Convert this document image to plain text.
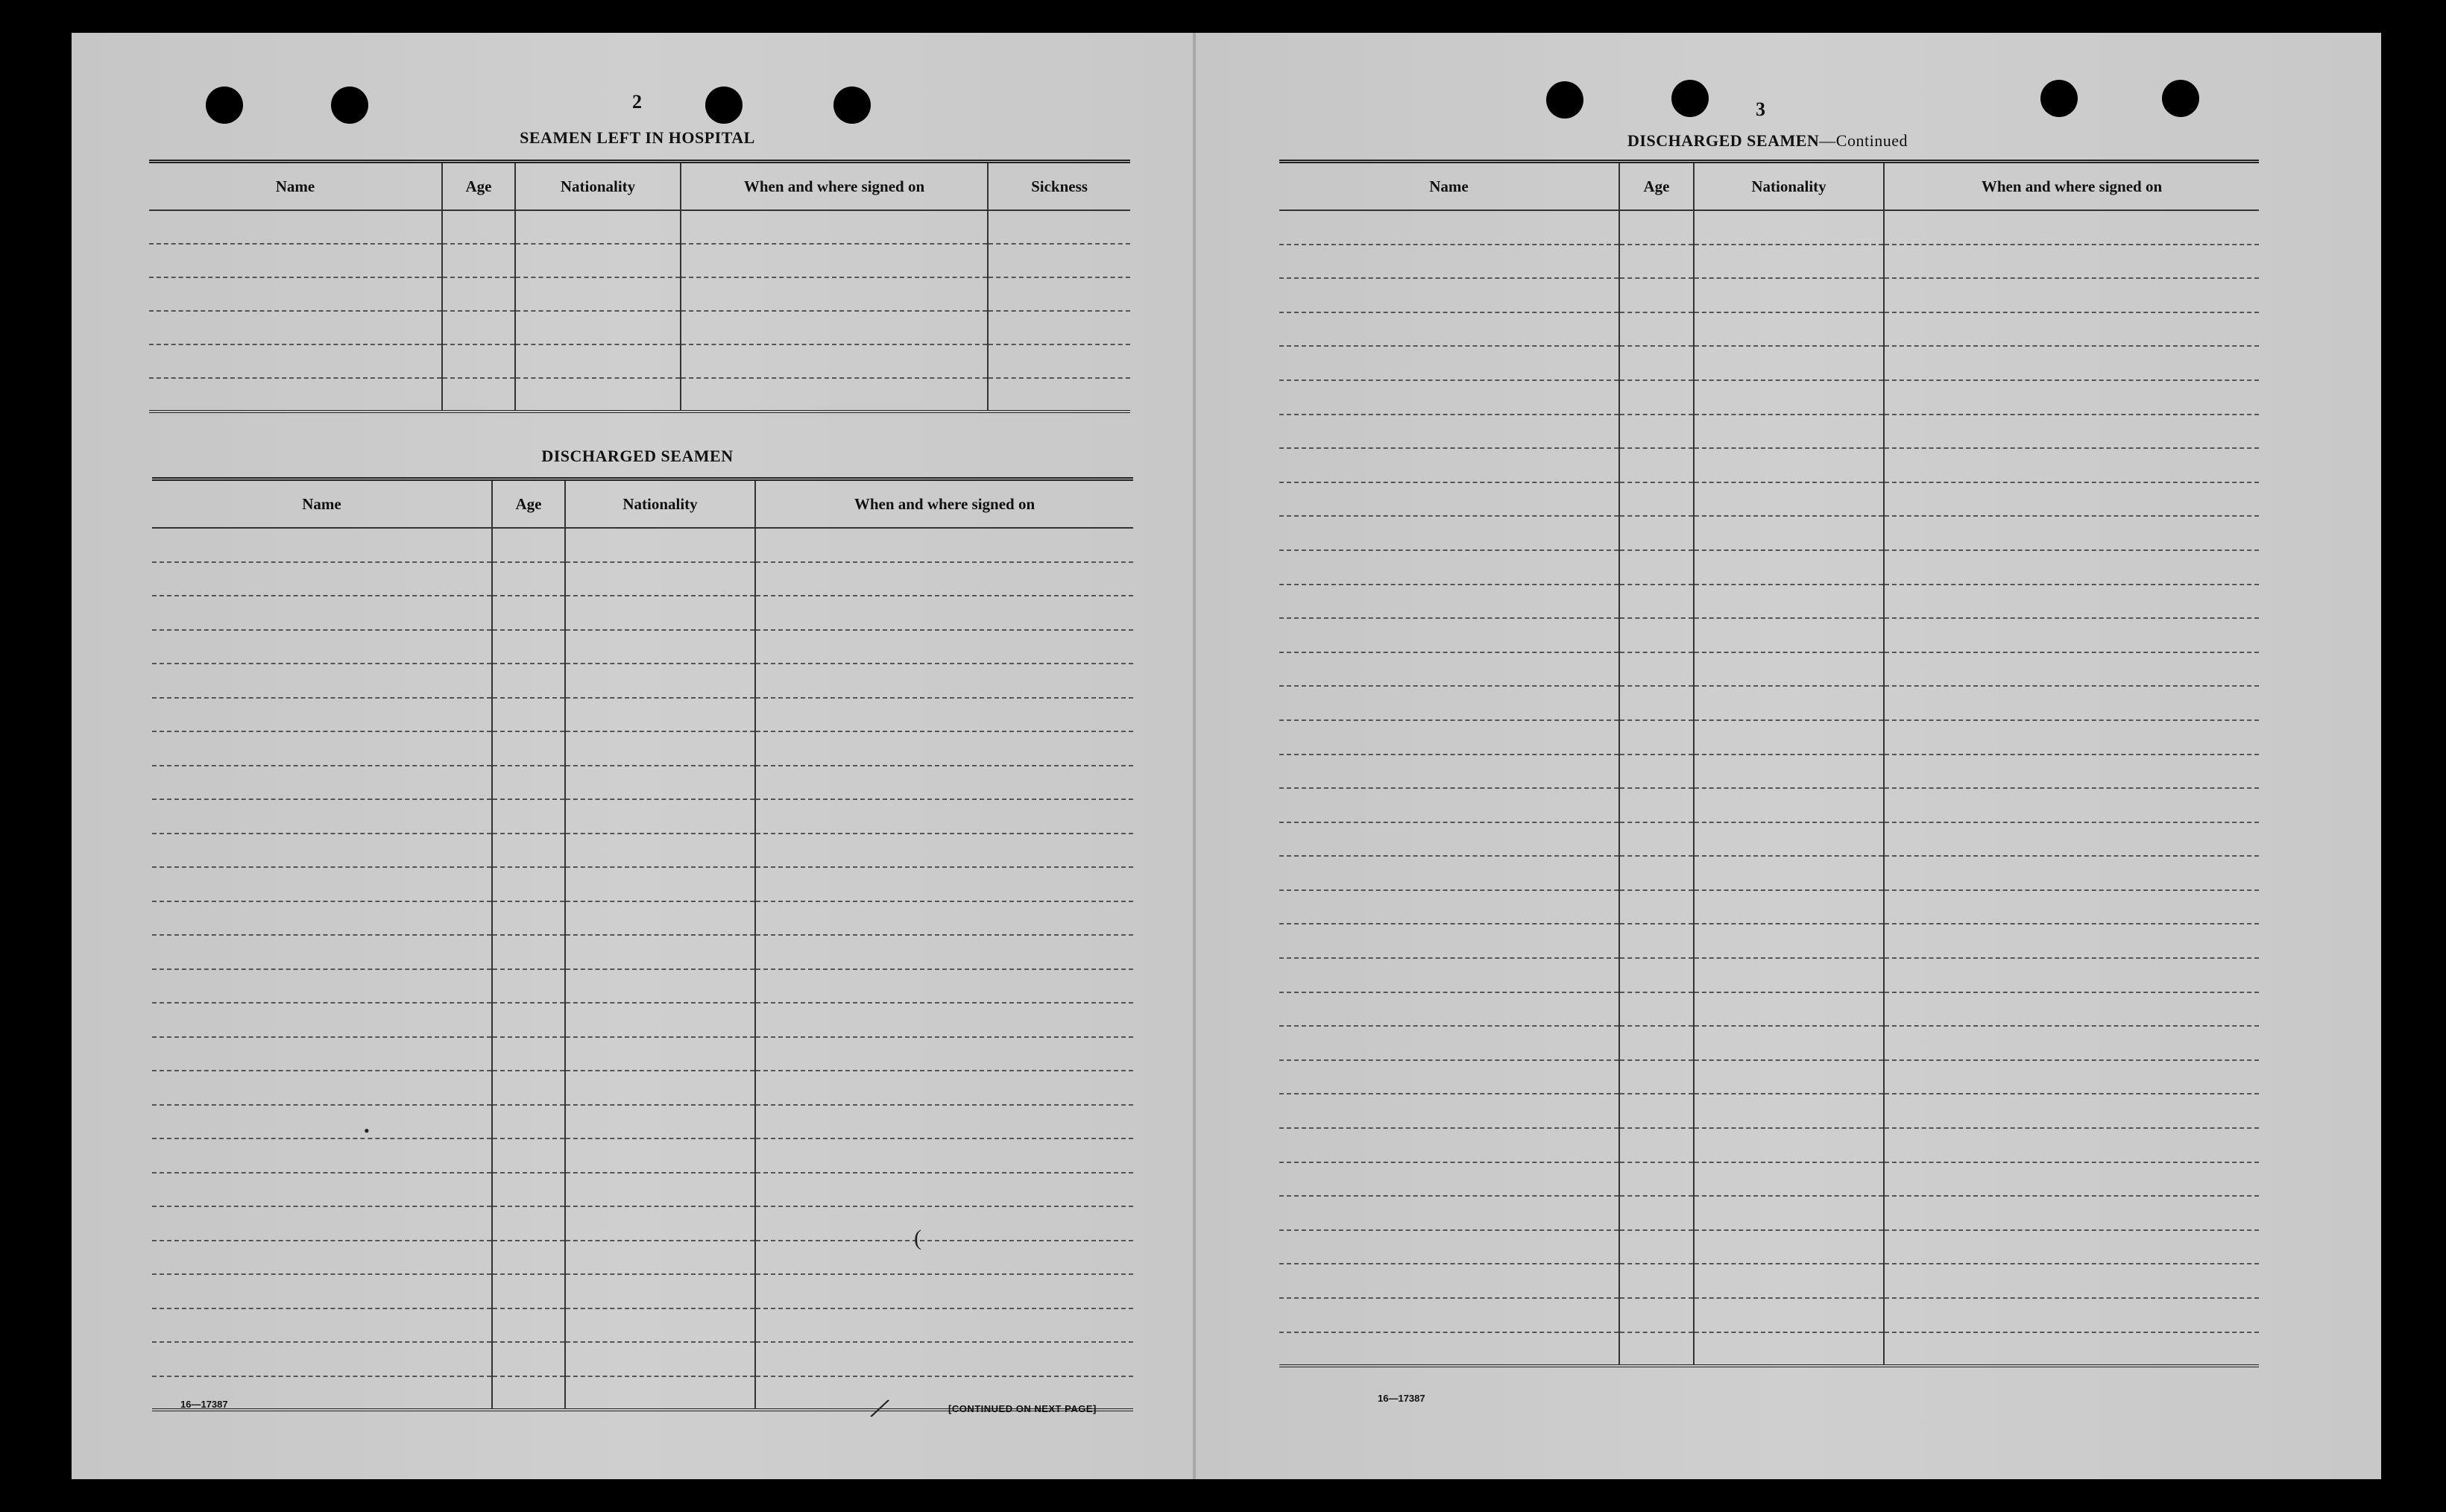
2
SEAMEN LEFT IN HOSPITAL
Name	Age	Nationality	When and where signed on	Sickness

DISCHARGED SEAMEN
Name	Age	Nationality	When and where signed on

16—17387	[CONTINUED ON NEXT PAGE]
(
/
•
3
DISCHARGED SEAMEN—Continued
Name	Age	Nationality	When and where signed on

16—17387
